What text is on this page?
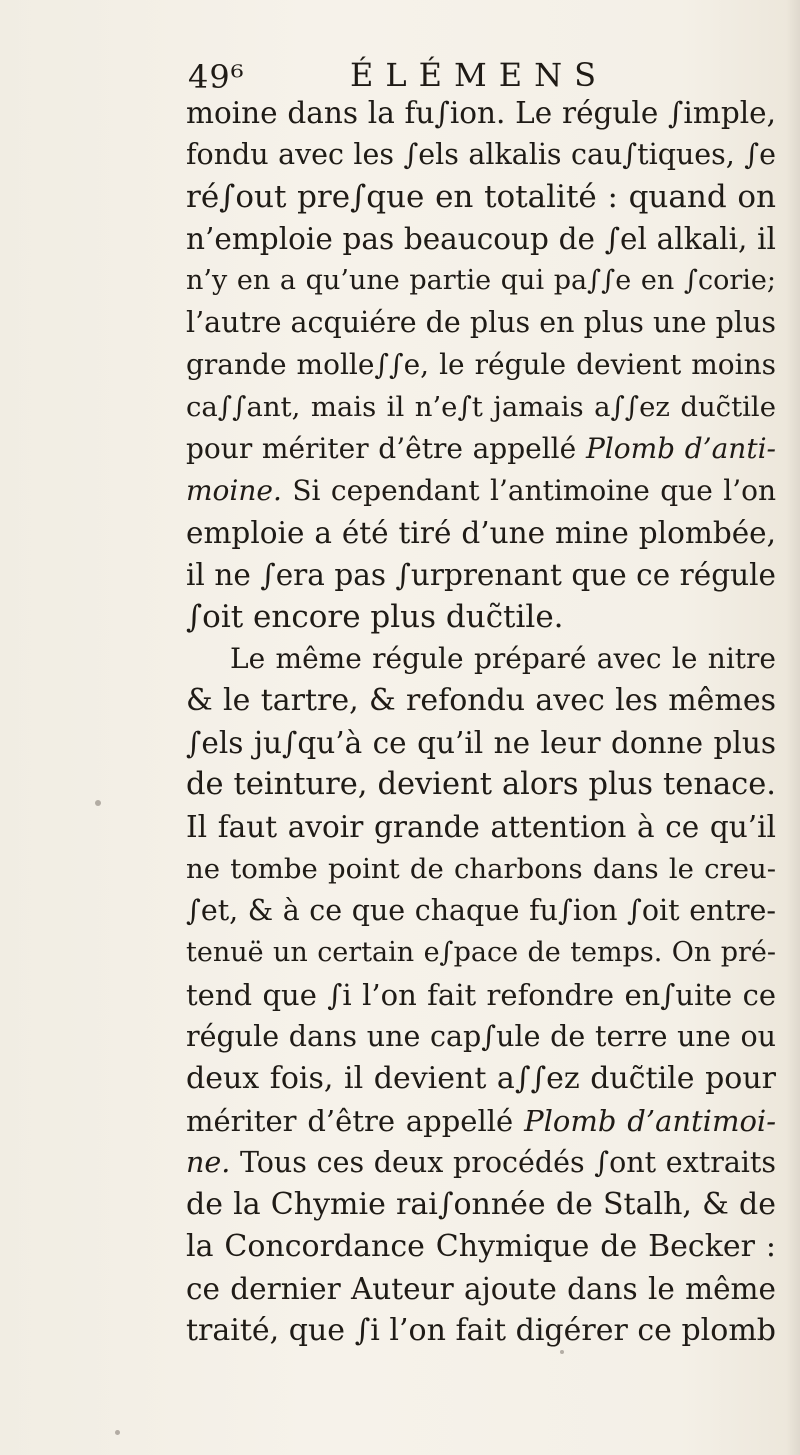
49⁶	ÉLÉMENS
moine dans la fu∫ion. Le régule ∫imple,
fondu avec les ∫els alkalis cau∫tiques, ∫e
ré∫out pre∫que en totalité : quand on
n’emploie pas beaucoup de ∫el alkali, il
n’y en a qu’une partie qui pa∫∫e en ∫corie;
l’autre acquiére de plus en plus une plus
grande molle∫∫e, le régule devient moins
ca∫∫ant, mais il n’e∫t jamais a∫∫ez duc̃tile
pour mériter d’être appellé Plomb d’anti-
moine. Si cependant l’antimoine que l’on
emploie a été tiré d’une mine plombée,
il ne ∫era pas ∫urprenant que ce régule
∫oit encore plus duc̃tile.
Le même régule préparé avec le nitre
& le tartre, & refondu avec les mêmes
∫els ju∫qu’à ce qu’il ne leur donne plus
de teinture, devient alors plus tenace.
Il faut avoir grande attention à ce qu’il
ne tombe point de charbons dans le creu-
∫et, & à ce que chaque fu∫ion ∫oit entre-
tenuë un certain e∫pace de temps. On pré-
tend que ∫i l’on fait refondre en∫uite ce
régule dans une cap∫ule de terre une ou
deux fois, il devient a∫∫ez duc̃tile pour
mériter d’être appellé Plomb d’antimoi-
ne. Tous ces deux procédés ∫ont extraits
de la Chymie rai∫onnée de Stalh, & de
la Concordance Chymique de Becker :
ce dernier Auteur ajoute dans le même
traité, que ∫i l’on fait digérer ce plomb
